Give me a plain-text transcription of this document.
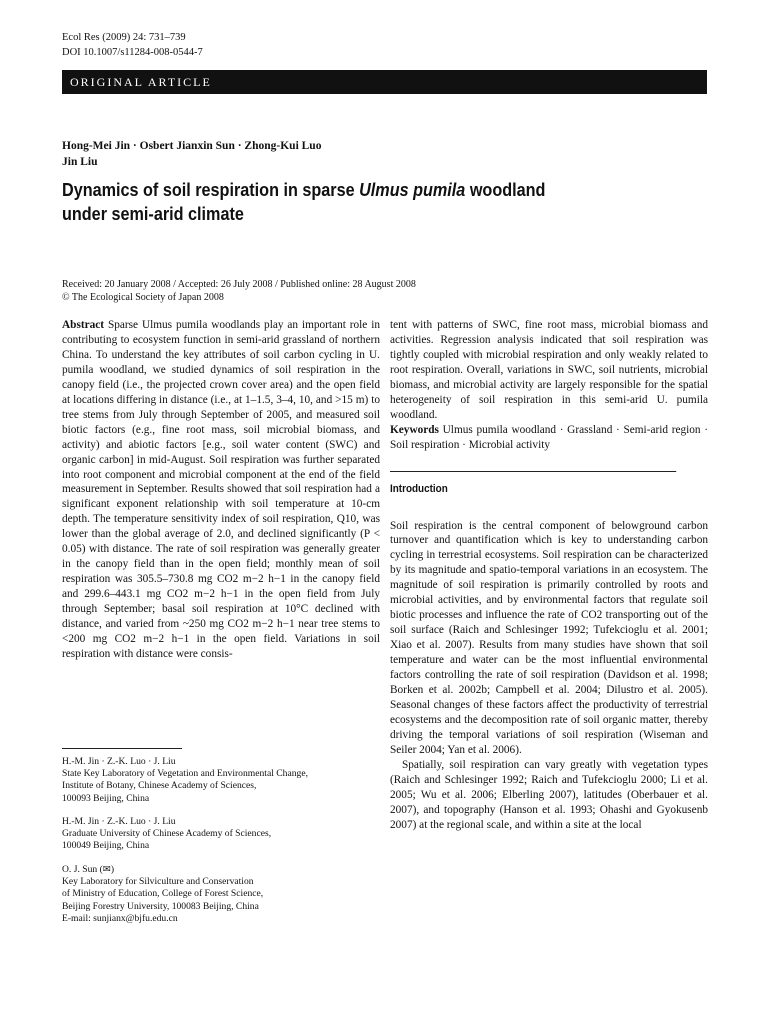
Ecol Res (2009) 24: 731–739
DOI 10.1007/s11284-008-0544-7
ORIGINAL ARTICLE
Hong-Mei Jin · Osbert Jianxin Sun · Zhong-Kui Luo
Jin Liu
Dynamics of soil respiration in sparse Ulmus pumila woodland
under semi-arid climate
Received: 20 January 2008 / Accepted: 26 July 2008 / Published online: 28 August 2008
© The Ecological Society of Japan 2008

Abstract Sparse Ulmus pumila woodlands play an important role in contributing to ecosystem function in semi-arid grassland of northern China. To understand the key attributes of soil carbon cycling in U. pumila woodland, we studied dynamics of soil respiration in the canopy field (i.e., the projected crown cover area) and the open field at locations differing in distance (i.e., at 1–1.5, 3–4, 10, and >15 m) to tree stems from July through September of 2005, and measured soil biotic factors (e.g., fine root mass, soil microbial biomass, and activity) and abiotic factors [e.g., soil water content (SWC) and organic carbon] in mid-August. Soil respiration was further separated into root component and microbial component at the end of the field measurement in September. Results showed that soil respiration had a significant exponent relationship with soil temperature at 10-cm depth. The temperature sensitivity index of soil respiration, Q10, was lower than the global average of 2.0, and declined significantly (P < 0.05) with distance. The rate of soil respiration was generally greater in the canopy field than in the open field; monthly mean of soil respiration was 305.5–730.8 mg CO2 m−2 h−1 in the canopy field and 299.6–443.1 mg CO2 m−2 h−1 in the open field from July through September; basal soil respiration at 10°C declined with distance, and varied from ~250 mg CO2 m−2 h−1 near tree stems to <200 mg CO2 m−2 h−1 in the open field. Variations in soil respiration with distance were consis-

H.-M. Jin · Z.-K. Luo · J. Liu
State Key Laboratory of Vegetation and Environmental Change,
Institute of Botany, Chinese Academy of Sciences,
100093 Beijing, China
H.-M. Jin · Z.-K. Luo · J. Liu
Graduate University of Chinese Academy of Sciences,
100049 Beijing, China
O. J. Sun (✉)
Key Laboratory for Silviculture and Conservation
of Ministry of Education, College of Forest Science,
Beijing Forestry University, 100083 Beijing, China
E-mail: sunjianx@bjfu.edu.cn

tent with patterns of SWC, fine root mass, microbial biomass and activities. Regression analysis indicated that soil respiration was tightly coupled with microbial respiration and only weakly related to root respiration. Overall, variations in SWC, soil nutrients, microbial biomass, and microbial activity are largely responsible for the spatial heterogeneity of soil respiration in this semi-arid U. pumila woodland.

Keywords Ulmus pumila woodland · Grassland · Semi-arid region · Soil respiration · Microbial activity

Introduction

Soil respiration is the central component of belowground carbon turnover and quantification which is key to understanding carbon cycling in terrestrial ecosystems. Soil respiration can be characterized by its magnitude and spatio-temporal variations in an ecosystem. The magnitude of soil respiration is primarily controlled by roots and microbial activities, and by environmental factors that regulate soil biotic processes and influence the rate of CO2 transporting out of the soil surface (Raich and Schlesinger 1992; Tufekcioglu et al. 2001; Xiao et al. 2007). Results from many studies have shown that soil temperature and water can be the most influential environmental factors controlling the rate of soil respiration (Davidson et al. 1998; Borken et al. 2002b; Campbell et al. 2004; Dilustro et al. 2005). Seasonal changes of these factors affect the productivity of terrestrial ecosystems and the decomposition rate of soil organic matter, thereby driving the temporal variations of soil respiration (Wiseman and Seiler 2004; Yan et al. 2006).

Spatially, soil respiration can vary greatly with vegetation types (Raich and Schlesinger 1992; Raich and Tufekcioglu 2000; Li et al. 2005; Wu et al. 2006; Elberling 2007), latitudes (Oberbauer et al. 2007), and topography (Hanson et al. 1993; Ohashi and Gyokusenb 2007) at the regional scale, and within a site at the local
